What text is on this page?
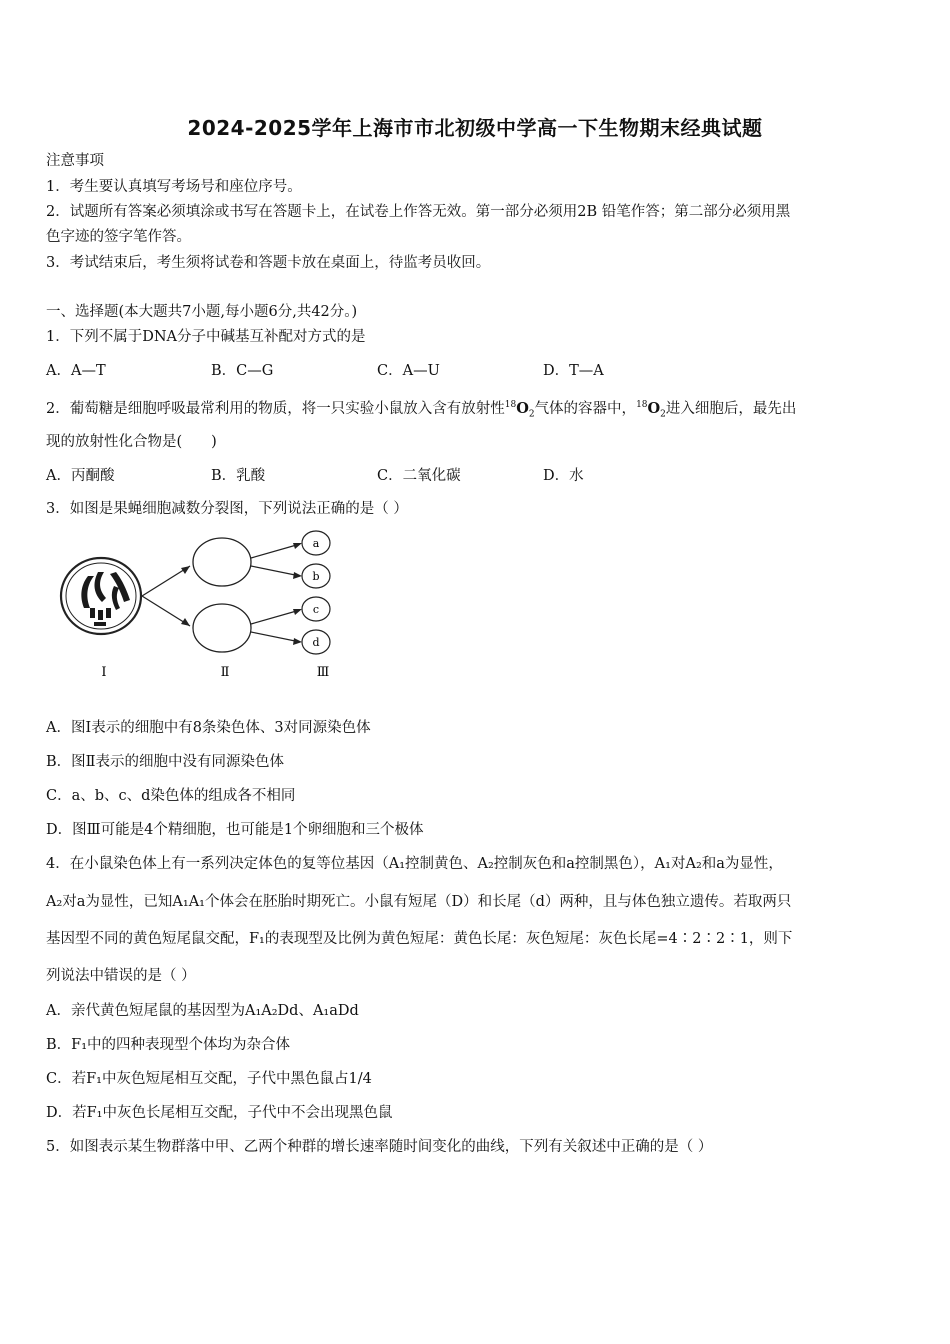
2024-2025学年上海市市北初级中学高一下生物期末经典试题
注意事项
1．考生要认真填写考场号和座位序号。
2．试题所有答案必须填涂或书写在答题卡上，在试卷上作答无效。第一部分必须用2B 铅笔作答；第二部分必须用黑
色字迹的签字笔作答。
3．考试结束后，考生须将试卷和答题卡放在桌面上，待监考员收回。
一、选择题(本大题共7小题,每小题6分,共42分。)
1．下列不属于DNA分子中碱基互补配对方式的是
A．A—T	B．C—G	C．A—U	D．T—A
2．葡萄糖是细胞呼吸最常利用的物质，将一只实验小鼠放入含有放射性$^{18}O_2$气体的容器中，$^{18}O_2$进入细胞后，最先出
现的放射性化合物是(　　)
A．丙酮酸	B．乳酸	C．二氧化碳	D．水
3．如图是果蝇细胞减数分裂图，下列说法正确的是（ ）
a
b
c
d
Ⅰ	Ⅱ	Ⅲ
A．图Ⅰ表示的细胞中有8条染色体、3对同源染色体
B．图Ⅱ表示的细胞中没有同源染色体
C．a、b、c、d染色体的组成各不相同
D．图Ⅲ可能是4个精细胞，也可能是1个卵细胞和三个极体
4．在小鼠染色体上有一系列决定体色的复等位基因（A₁控制黄色、A₂控制灰色和a控制黑色），A₁对A₂和a为显性，
A₂对a为显性，已知A₁A₁个体会在胚胎时期死亡。小鼠有短尾（D）和长尾（d）两种，且与体色独立遗传。若取两只
基因型不同的黄色短尾鼠交配，F₁的表现型及比例为黄色短尾：黄色长尾：灰色短尾：灰色长尾=4∶2∶2∶1，则下
列说法中错误的是（ ）
A．亲代黄色短尾鼠的基因型为A₁A₂Dd、A₁aDd
B．F₁中的四种表现型个体均为杂合体
C．若F₁中灰色短尾相互交配，子代中黑色鼠占1/4
D．若F₁中灰色长尾相互交配，子代中不会出现黑色鼠
5．如图表示某生物群落中甲、乙两个种群的增长速率随时间变化的曲线，下列有关叙述中正确的是（ ）
